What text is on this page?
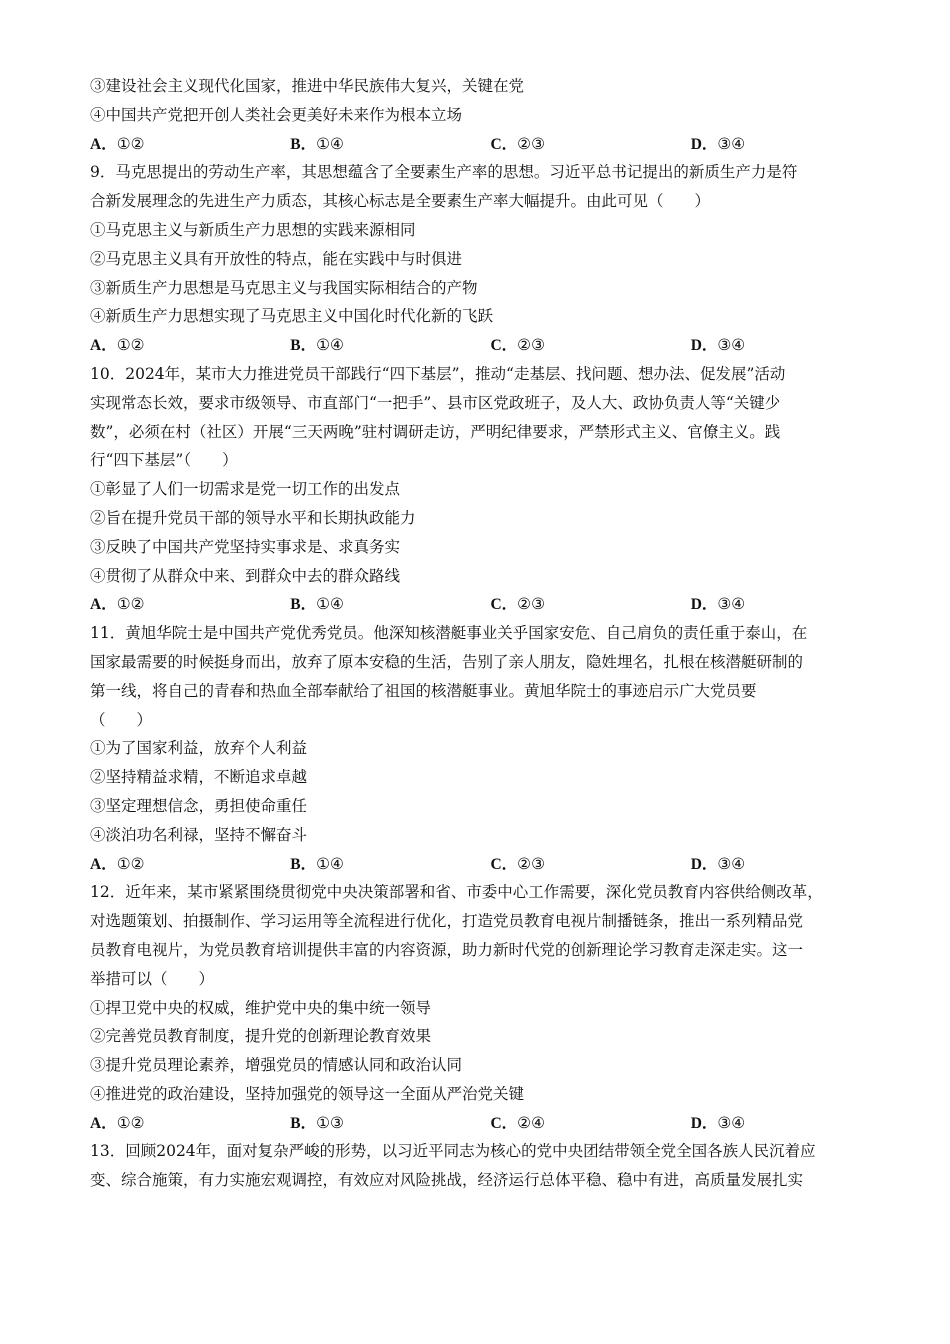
③建设社会主义现代化国家，推进中华民族伟大复兴，关键在党
④中国共产党把开创人类社会更美好未来作为根本立场
A．①②	B．①④	C．②③	D．③④
9．马克思提出的劳动生产率，其思想蕴含了全要素生产率的思想。习近平总书记提出的新质生产力是符
合新发展理念的先进生产力质态，其核心标志是全要素生产率大幅提升。由此可见（　　）
①马克思主义与新质生产力思想的实践来源相同
②马克思主义具有开放性的特点，能在实践中与时俱进
③新质生产力思想是马克思主义与我国实际相结合的产物
④新质生产力思想实现了马克思主义中国化时代化新的飞跃
A．①②	B．①④	C．②③	D．③④
10．2024年，某市大力推进党员干部践行“四下基层”，推动“走基层、找问题、想办法、促发展”活动
实现常态长效，要求市级领导、市直部门“一把手”、县市区党政班子，及人大、政协负责人等“关键少
数”，必须在村（社区）开展“三天两晚”驻村调研走访，严明纪律要求，严禁形式主义、官僚主义。践
行“四下基层”（　　）
①彰显了人们一切需求是党一切工作的出发点
②旨在提升党员干部的领导水平和长期执政能力
③反映了中国共产党坚持实事求是、求真务实
④贯彻了从群众中来、到群众中去的群众路线
A．①②	B．①④	C．②③	D．③④
11．黄旭华院士是中国共产党优秀党员。他深知核潜艇事业关乎国家安危、自己肩负的责任重于泰山，在
国家最需要的时候挺身而出，放弃了原本安稳的生活，告别了亲人朋友，隐姓埋名，扎根在核潜艇研制的
第一线，将自己的青春和热血全部奉献给了祖国的核潜艇事业。黄旭华院士的事迹启示广大党员要
（　　）
①为了国家利益，放弃个人利益
②坚持精益求精，不断追求卓越
③坚定理想信念，勇担使命重任
④淡泊功名利禄，坚持不懈奋斗
A．①②	B．①④	C．②③	D．③④
12．近年来，某市紧紧围绕贯彻党中央决策部署和省、市委中心工作需要，深化党员教育内容供给侧改革，
对选题策划、拍摄制作、学习运用等全流程进行优化，打造党员教育电视片制播链条，推出一系列精品党
员教育电视片，为党员教育培训提供丰富的内容资源，助力新时代党的创新理论学习教育走深走实。这一
举措可以（　　）
①捍卫党中央的权威，维护党中央的集中统一领导
②完善党员教育制度，提升党的创新理论教育效果
③提升党员理论素养，增强党员的情感认同和政治认同
④推进党的政治建设，坚持加强党的领导这一全面从严治党关键
A．①②	B．①③	C．②④	D．③④
13．回顾2024年，面对复杂严峻的形势，以习近平同志为核心的党中央团结带领全党全国各族人民沉着应
变、综合施策，有力实施宏观调控，有效应对风险挑战，经济运行总体平稳、稳中有进，高质量发展扎实
